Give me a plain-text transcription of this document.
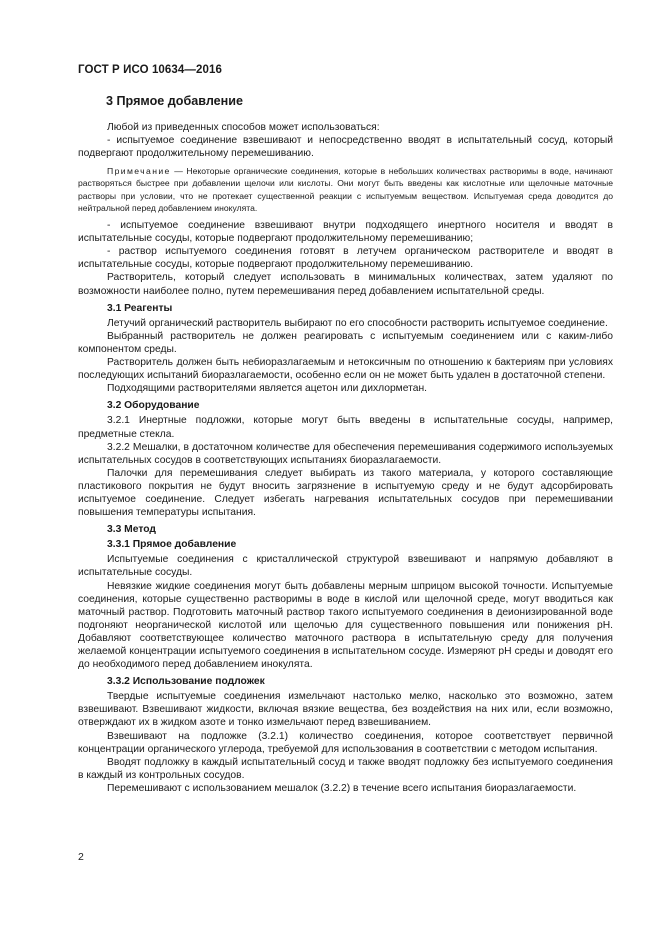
ГОСТ Р ИСО 10634—2016

3 Прямое добавление

Любой из приведенных способов может использоваться:

- испытуемое соединение взвешивают и непосредственно вводят в испытательный сосуд, который подвергают продолжительному перемешиванию.

Примечание — Некоторые органические соединения, которые в небольших количествах растворимы в воде, начинают растворяться быстрее при добавлении щелочи или кислоты. Они могут быть введены как кислотные или щелочные маточные растворы при условии, что не протекает существенной реакции с испытуемым веществом. Испытуемая среда доводится до нейтральной перед добавлением инокулята.

- испытуемое соединение взвешивают внутри подходящего инертного носителя и вводят в испытательные сосуды, которые подвергают продолжительному перемешиванию;

- раствор испытуемого соединения готовят в летучем органическом растворителе и вводят в испытательные сосуды, которые подвергают продолжительному перемешиванию.

Растворитель, который следует использовать в минимальных количествах, затем удаляют по возможности наиболее полно, путем перемешивания перед добавлением испытательной среды.

3.1 Реагенты

Летучий органический растворитель выбирают по его способности растворить испытуемое соединение.

Выбранный растворитель не должен реагировать с испытуемым соединением или с каким-либо компонентом среды.

Растворитель должен быть небиоразлагаемым и нетоксичным по отношению к бактериям при условиях последующих испытаний биоразлагаемости, особенно если он не может быть удален в достаточной степени.

Подходящими растворителями является ацетон или дихлорметан.

3.2 Оборудование

3.2.1 Инертные подложки, которые могут быть введены в испытательные сосуды, например, предметные стекла.

3.2.2 Мешалки, в достаточном количестве для обеспечения перемешивания содержимого используемых испытательных сосудов в соответствующих испытаниях биоразлагаемости.

Палочки для перемешивания следует выбирать из такого материала, у которого составляющие пластикового покрытия не будут вносить загрязнение в испытуемую среду и не будут адсорбировать испытуемое соединение. Следует избегать нагревания испытательных сосудов при перемешивании повышения температуры испытания.

3.3 Метод

3.3.1 Прямое добавление

Испытуемые соединения с кристаллической структурой взвешивают и напрямую добавляют в испытательные сосуды.

Невязкие жидкие соединения могут быть добавлены мерным шприцом высокой точности. Испытуемые соединения, которые существенно растворимы в воде в кислой или щелочной среде, могут вводиться как маточный раствор. Подготовить маточный раствор такого испытуемого соединения в деионизированной воде подгоняют неорганической кислотой или щелочью для существенного повышения или понижения pH. Добавляют соответствующее количество маточного раствора в испытательную среду для получения желаемой концентрации испытуемого соединения в испытательном сосуде. Измеряют pH среды и доводят его до необходимого перед добавлением инокулята.

3.3.2 Использование подложек

Твердые испытуемые соединения измельчают настолько мелко, насколько это возможно, затем взвешивают. Взвешивают жидкости, включая вязкие вещества, без воздействия на них или, если возможно, отверждают их в жидком азоте и тонко измельчают перед взвешиванием.

Взвешивают на подложке (3.2.1) количество соединения, которое соответствует первичной концентрации органического углерода, требуемой для использования в соответствии с методом испытания.

Вводят подложку в каждый испытательный сосуд и также вводят подложку без испытуемого соединения в каждый из контрольных сосудов.

Перемешивают с использованием мешалок (3.2.2) в течение всего испытания биоразлагаемости.

2
